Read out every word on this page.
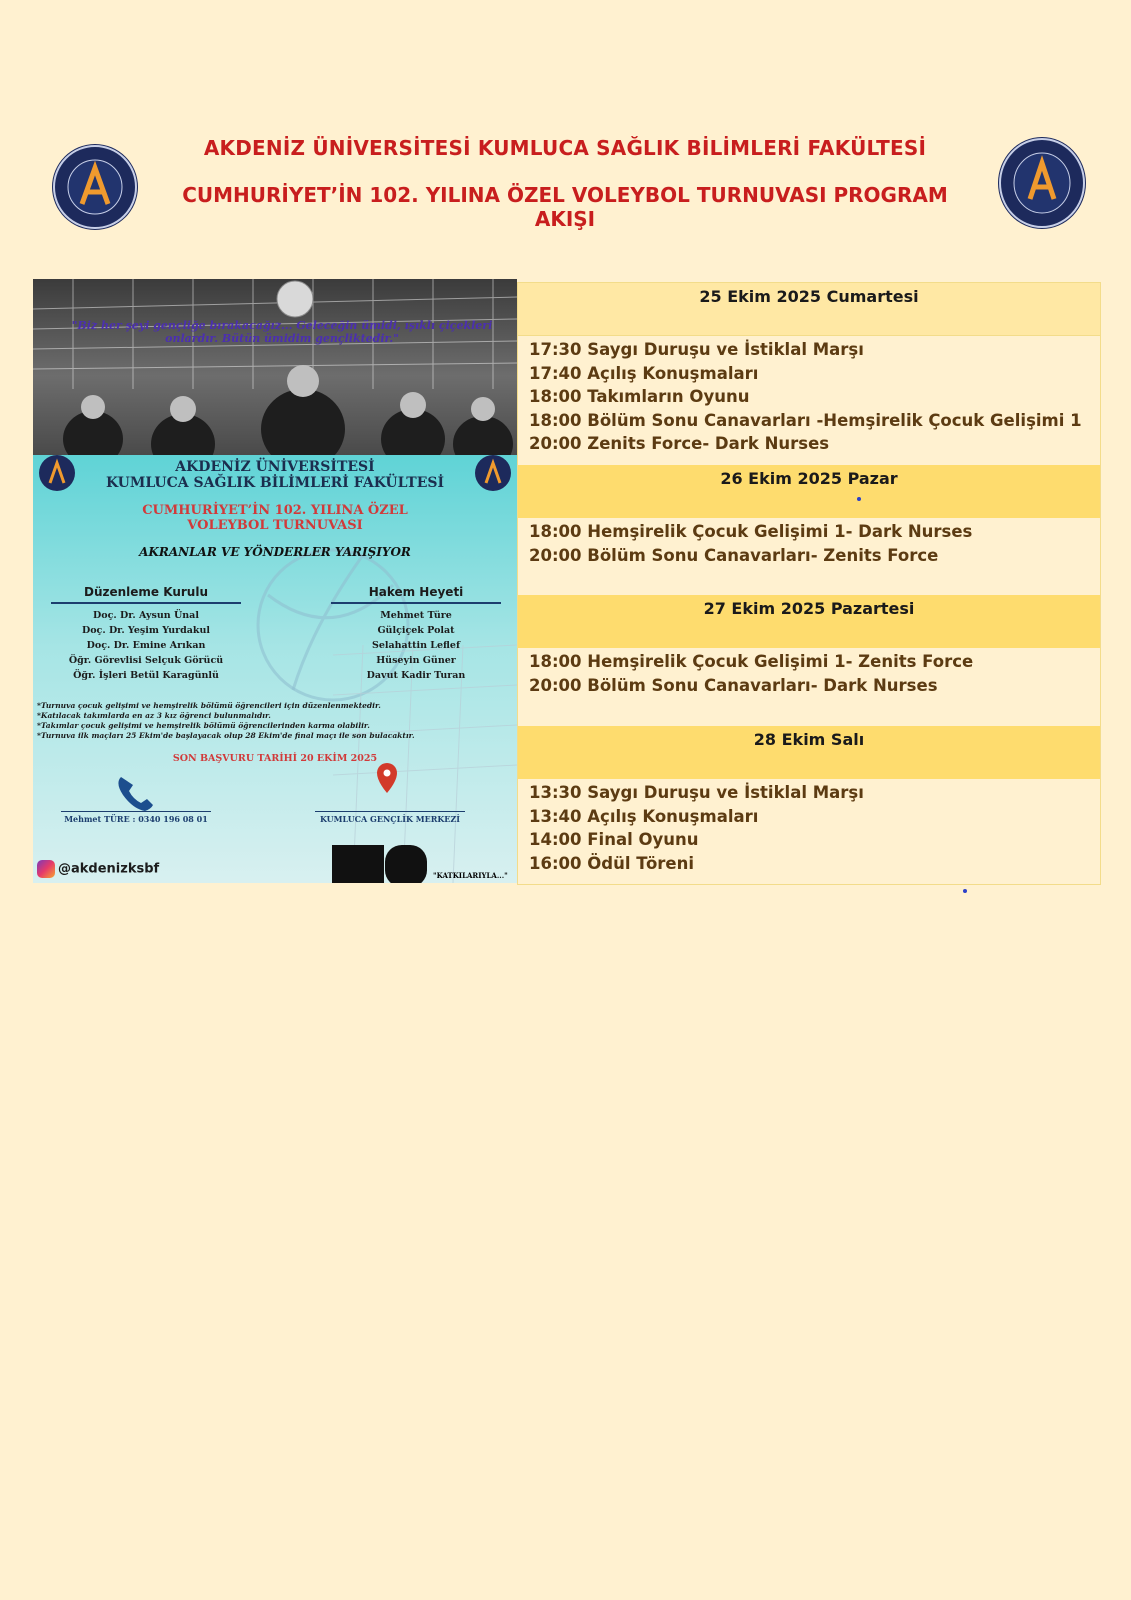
AKDENİZ ÜNİVERSİTESİ KUMLUCA SAĞLIK BİLİMLERİ FAKÜLTESİ
CUMHURİYET’İN 102. YILINA ÖZEL VOLEYBOL TURNUVASI PROGRAM AKIŞI
"Biz her şeyi gençliğe bırakacağız... Geleceğin ümidi, ışıklı çiçekleri onlardır. Bütün ümidim gençliktedir."
AKDENİZ ÜNİVERSİTESİ
KUMLUCA SAĞLIK BİLİMLERİ FAKÜLTESİ
CUMHURİYET’İN 102. YILINA ÖZEL
VOLEYBOL TURNUVASI
AKRANLAR VE YÖNDERLER YARIŞIYOR
Düzenleme Kurulu
Doç. Dr. Aysun Ünal
Doç. Dr. Yeşim Yurdakul
Doç. Dr. Emine Arıkan
Öğr. Görevlisi Selçuk Görücü
Öğr. İşleri Betül Karagünlü
Hakem Heyeti
Mehmet Türe
Gülçiçek Polat
Selahattin Leflef
Hüseyin Güner
Davut Kadir Turan
*Turnuva çocuk gelişimi ve hemşirelik bölümü öğrencileri için düzenlenmektedir.
*Katılacak takımlarda en az 3 kız öğrenci bulunmalıdır.
*Takımlar çocuk gelişimi ve hemşirelik bölümü öğrencilerinden karma olabilir.
*Turnuva ilk maçları 25 Ekim'de başlayacak olup 28 Ekim'de final maçı ile son bulacaktır.
SON BAŞVURU TARİHİ 20 EKİM 2025
Mehmet TÜRE : 0340 196 08 01	KUMLUCA GENÇLİK MERKEZİ
@akdenizksbf	"KATKILARIYLA..."
25 Ekim 2025 Cumartesi
17:30 Saygı Duruşu ve İstiklal Marşı
17:40 Açılış Konuşmaları
18:00 Takımların Oyunu
18:00 Bölüm Sonu Canavarları -Hemşirelik Çocuk Gelişimi 1
20:00 Zenits Force- Dark Nurses
26 Ekim 2025 Pazar
18:00 Hemşirelik Çocuk Gelişimi 1- Dark Nurses
20:00 Bölüm Sonu Canavarları- Zenits Force
27 Ekim 2025 Pazartesi
18:00 Hemşirelik Çocuk Gelişimi 1- Zenits Force
20:00 Bölüm Sonu Canavarları- Dark Nurses
28 Ekim Salı
13:30 Saygı Duruşu ve İstiklal Marşı
13:40 Açılış Konuşmaları
14:00 Final Oyunu
16:00 Ödül Töreni
